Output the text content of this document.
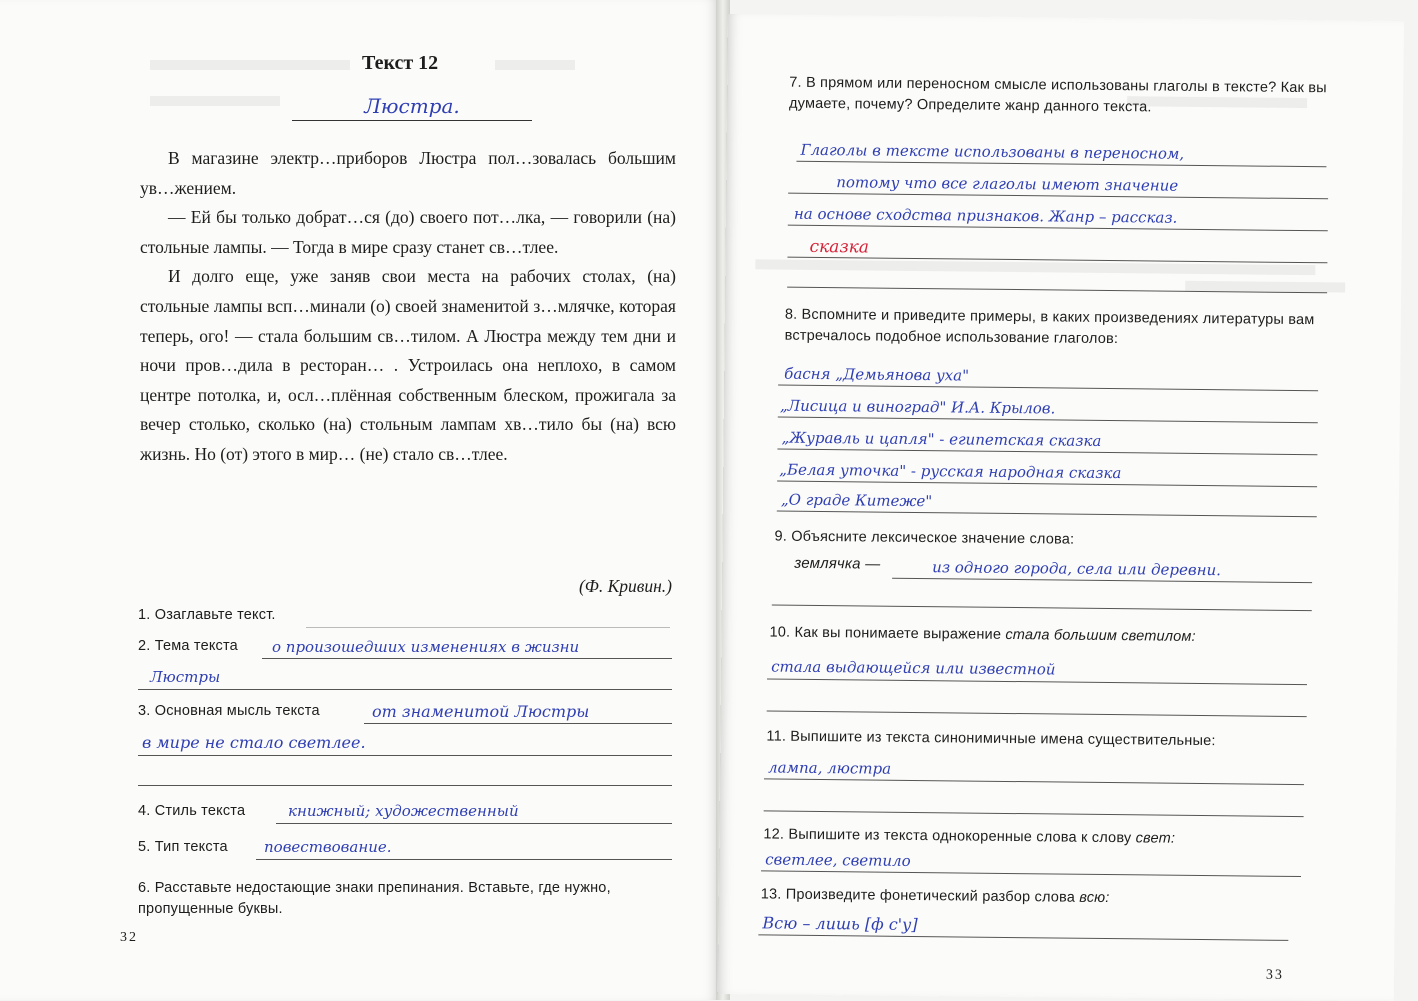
Текст 12
Люстра.

В магазине электр…приборов Люстра пол…зовалась большим ув…жением.

— Ей бы только добрат…ся (до) своего пот…лка, — говорили (на) стольные лампы. — Тогда в мире сразу станет св…тлее.

И долго еще, уже заняв свои места на рабочих столах, (на) стольные лампы всп…минали (о) своей знаменитой з…млячке, которая теперь, ого! — стала большим св…тилом. А Люстра между тем дни и ночи пров…дила в ресторан… . Устроилась она неплохо, в самом центре потолка, и, осл…плённая собственным блеском, прожигала за вечер столько, сколько (на) стольным лампам хв…тило бы (на) всю жизнь. Но (от) этого в мир… (не) стало св…тлее.

(Ф. Кривин.)
1. Озаглавьте текст.
2. Тема текста о произошедших изменениях в жизни
Люстры
3. Основная мысль текста	от знаменитой Люстры
в мире не стало светлее.
4. Стиль текста	книжный; художественный
5. Тип текста повествование.
6. Расставьте недостающие знаки препинания. Вставьте, где нужно, пропущенные буквы.
32
7. В прямом или переносном смысле использованы глаголы в тексте? Как вы думаете, почему? Определите жанр данного текста.
Глаголы в тексте использованы в переносном,
потому что все глаголы имеют значение
на основе сходства признаков. Жанр – рассказ.
сказка
8. Вспомните и приведите примеры, в каких произведениях литературы вам встречалось подобное использование глаголов:
басня „Демьянова уха"
„Лисица и виноград" И.А. Крылов.
„Журавль и цапля" - египетская сказка
„Белая уточка" - русская народная сказка
„О граде Китеже"
9. Объясните лексическое значение слова:
землячка —	из одного города, села или деревни.
10. Как вы понимаете выражение стала большим светилом:
стала выдающейся или известной
11. Выпишите из текста синонимичные имена существительные:
лампа, люстра
12. Выпишите из текста однокоренные слова к слову свет:
светлее, светило
13. Произведите фонетический разбор слова всю:
Всю – лишь [ф с'у]
33
